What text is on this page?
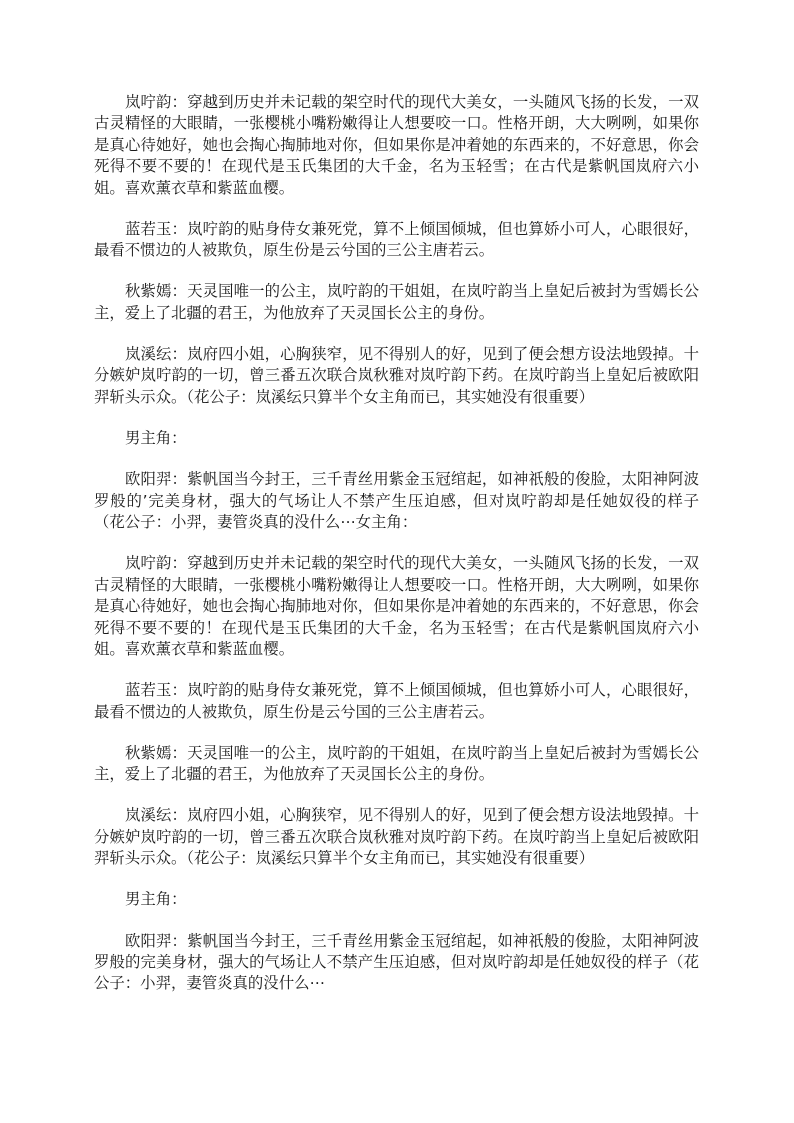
岚咛韵：穿越到历史并未记载的架空时代的现代大美女，一头随风飞扬的长发，一双古灵精怪的大眼睛，一张樱桃小嘴粉嫩得让人想要咬一口。性格开朗，大大咧咧，如果你是真心待她好，她也会掏心掏肺地对你，但如果你是冲着她的东西来的，不好意思，你会死得不要不要的！在现代是玉氏集团的大千金，名为玉轻雪；在古代是紫帆国岚府六小姐。喜欢薰衣草和紫蓝血樱。

蓝若玉：岚咛韵的贴身侍女兼死党，算不上倾国倾城，但也算娇小可人，心眼很好，最看不惯边的人被欺负，原生份是云兮国的三公主唐若云。

秋紫嫣：天灵国唯一的公主，岚咛韵的干姐姐，在岚咛韵当上皇妃后被封为雪嫣长公主，爱上了北疆的君王，为他放弃了天灵国长公主的身份。

岚溪纭：岚府四小姐，心胸狭窄，见不得别人的好，见到了便会想方设法地毁掉。十分嫉妒岚咛韵的一切，曾三番五次联合岚秋雅对岚咛韵下药。在岚咛韵当上皇妃后被欧阳羿斩头示众。（花公子：岚溪纭只算半个女主角而已，其实她没有很重要）

男主角：

欧阳羿：紫帆国当今封王，三千青丝用紫金玉冠绾起，如神祇般的俊脸，太阳神阿波罗般的’完美身材，强大的气场让人不禁产生压迫感，但对岚咛韵却是任她奴役的样子（花公子：小羿，妻管炎真的没什么⋯女主角：

岚咛韵：穿越到历史并未记载的架空时代的现代大美女，一头随风飞扬的长发，一双古灵精怪的大眼睛，一张樱桃小嘴粉嫩得让人想要咬一口。性格开朗，大大咧咧，如果你是真心待她好，她也会掏心掏肺地对你，但如果你是冲着她的东西来的，不好意思，你会死得不要不要的！在现代是玉氏集团的大千金，名为玉轻雪；在古代是紫帆国岚府六小姐。喜欢薰衣草和紫蓝血樱。

蓝若玉：岚咛韵的贴身侍女兼死党，算不上倾国倾城，但也算娇小可人，心眼很好，最看不惯边的人被欺负，原生份是云兮国的三公主唐若云。

秋紫嫣：天灵国唯一的公主，岚咛韵的干姐姐，在岚咛韵当上皇妃后被封为雪嫣长公主，爱上了北疆的君王，为他放弃了天灵国长公主的身份。

岚溪纭：岚府四小姐，心胸狭窄，见不得别人的好，见到了便会想方设法地毁掉。十分嫉妒岚咛韵的一切，曾三番五次联合岚秋雅对岚咛韵下药。在岚咛韵当上皇妃后被欧阳羿斩头示众。（花公子：岚溪纭只算半个女主角而已，其实她没有很重要）

男主角：

欧阳羿：紫帆国当今封王，三千青丝用紫金玉冠绾起，如神祇般的俊脸，太阳神阿波罗般的完美身材，强大的气场让人不禁产生压迫感，但对岚咛韵却是任她奴役的样子（花公子：小羿，妻管炎真的没什么⋯
